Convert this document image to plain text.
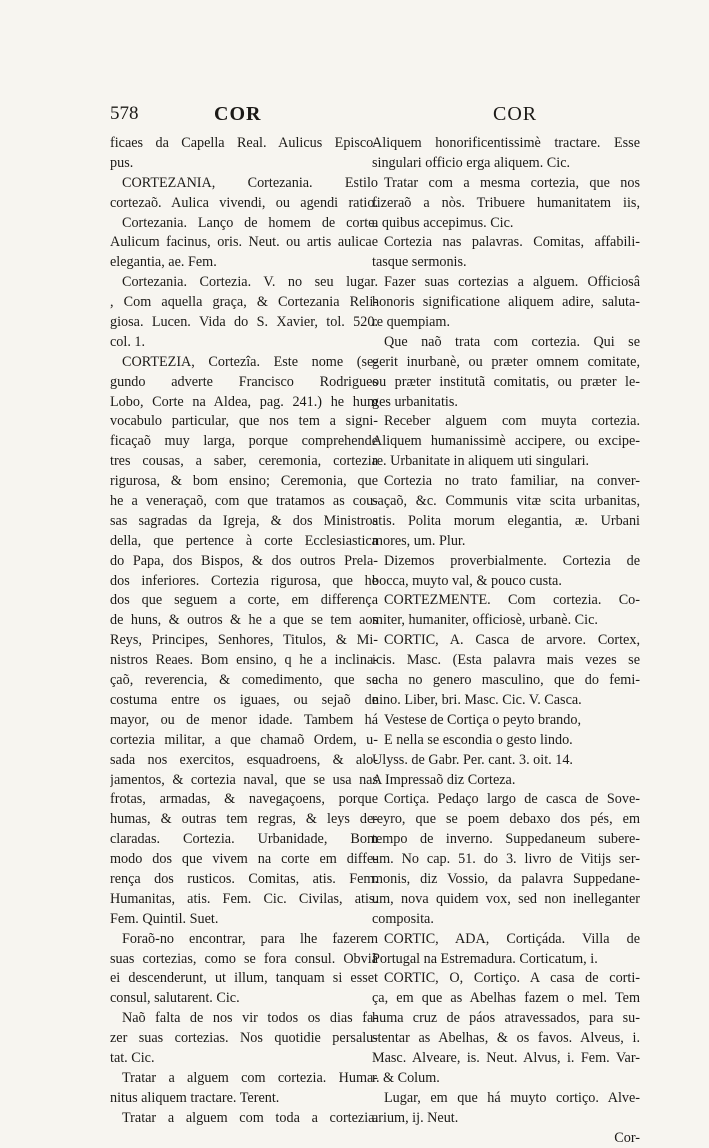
578	COR	COR
ficaes da Capella Real. Aulicus Episco-
pus.
CORTEZANIA, Cortezania. Estilo
cortezaõ. Aulica vivendi, ou agendi ratio.
Cortezania. Lanço de homem de corte.
Aulicum facinus, oris. Neut. ou artis aulicae
elegantia, ae. Fem.
Cortezania. Cortezia. V. no seu lugar.
, Com aquella graça, & Cortezania Reli-
giosa. Lucen. Vida do S. Xavier, tol. 520.
col. 1.
CORTEZIA, Cortezîa. Este nome (se-
gundo adverte Francisco Rodrigues
Lobo, Corte na Aldea, pag. 241.) he hum
vocabulo particular, que nos tem a signi-
ficaçaõ muy larga, porque comprehende
tres cousas, a saber, ceremonia, cortezia
rigurosa, & bom ensino; Ceremonia, que
he a veneraçaõ, com que tratamos as cou-
sas sagradas da Igreja, & dos Ministros
della, que pertence à corte Ecclesiastica
do Papa, dos Bispos, & dos outros Prela-
dos inferiores. Cortezia rigurosa, que he
dos que seguem a corte, em differença
de huns, & outros & he a que se tem aos
Reys, Principes, Senhores, Titulos, & Mi-
nistros Reaes. Bom ensino, q he a inclina-
çaõ, reverencia, & comedimento, que se
costuma entre os iguaes, ou sejaõ de
mayor, ou de menor idade. Tambem há
cortezia militar, a que chamaõ Ordem, u-
sada nos exercitos, esquadroens, & alo-
jamentos, & cortezia naval, que se usa nas
frotas, armadas, & navegaçoens, porque
humas, & outras tem regras, & leys de-
claradas. Cortezia. Urbanidade, Bom
modo dos que vivem na corte em diffe-
rença dos rusticos. Comitas, atis. Fem.
Humanitas, atis. Fem. Cic. Civilas, atis.
Fem. Quintil. Suet.
Foraõ-no encontrar, para lhe fazerem
suas cortezias, como se fora consul. Obviã
ei descenderunt, ut illum, tanquam si esset
consul, salutarent. Cic.
Naõ falta de nos vir todos os dias fa-
zer suas cortezias. Nos quotidie persalu-
tat. Cic.
Tratar a alguem com cortezia. Huma-
nitus aliquem tractare. Terent.
Tratar a alguem com toda a cortezia.
Aliquem honorificentissimè tractare. Esse
singulari officio erga aliquem. Cic.
Tratar com a mesma cortezia, que nos
fizeraõ a nòs. Tribuere humanitatem iis,
a quibus accepimus. Cic.
Cortezia nas palavras. Comitas, affabili-
tasque sermonis.
Fazer suas cortezias a alguem. Officiosâ
honoris significatione aliquem adire, saluta-
re quempiam.
Que naõ trata com cortezia. Qui se
gerit inurbanè, ou præter omnem comitate,
ou præter institutã comitatis, ou præter le-
ges urbanitatis.
Receber alguem com muyta cortezia.
Aliquem humanissimè accipere, ou excipe-
re. Urbanitate in aliquem uti singulari.
Cortezia no trato familiar, na conver-
saçaõ, &c. Communis vitæ scita urbanitas,
atis. Polita morum elegantia, æ. Urbani
mores, um. Plur.
Dizemos proverbialmente. Cortezia de
bocca, muyto val, & pouco custa.
CORTEZMENTE. Com cortezia. Co-
miter, humaniter, officiosè, urbanè. Cic.
CORTIC, A. Casca de arvore. Cortex,
icis. Masc. (Esta palavra mais vezes se
acha no genero masculino, que do femi-
nino. Liber, bri. Masc. Cic. V. Casca.
Vestese de Cortiça o peyto brando,
E nella se escondia o gesto lindo.
Ulyss. de Gabr. Per. cant. 3. oit. 14.
A Impressaõ diz Corteza.
Cortiça. Pedaço largo de casca de Sove-
reyro, que se poem debaxo dos pés, em
tempo de inverno. Suppedaneum subere-
um. No cap. 51. do 3. livro de Vitijs ser-
monis, diz Vossio, da palavra Suppedane-
um, nova quidem vox, sed non inelleganter
composita.
CORTIC, ADA, Cortiçáda. Villa de
Portugal na Estremadura. Corticatum, i.
CORTIC, O, Cortiço. A casa de corti-
ça, em que as Abelhas fazem o mel. Tem
huma cruz de páos atravessados, para su-
stentar as Abelhas, & os favos. Alveus, i.
Masc. Alveare, is. Neut. Alvus, i. Fem. Var-
r. & Colum.
Lugar, em que há muyto cortiço. Alve-
arium, ij. Neut.
Cor-
